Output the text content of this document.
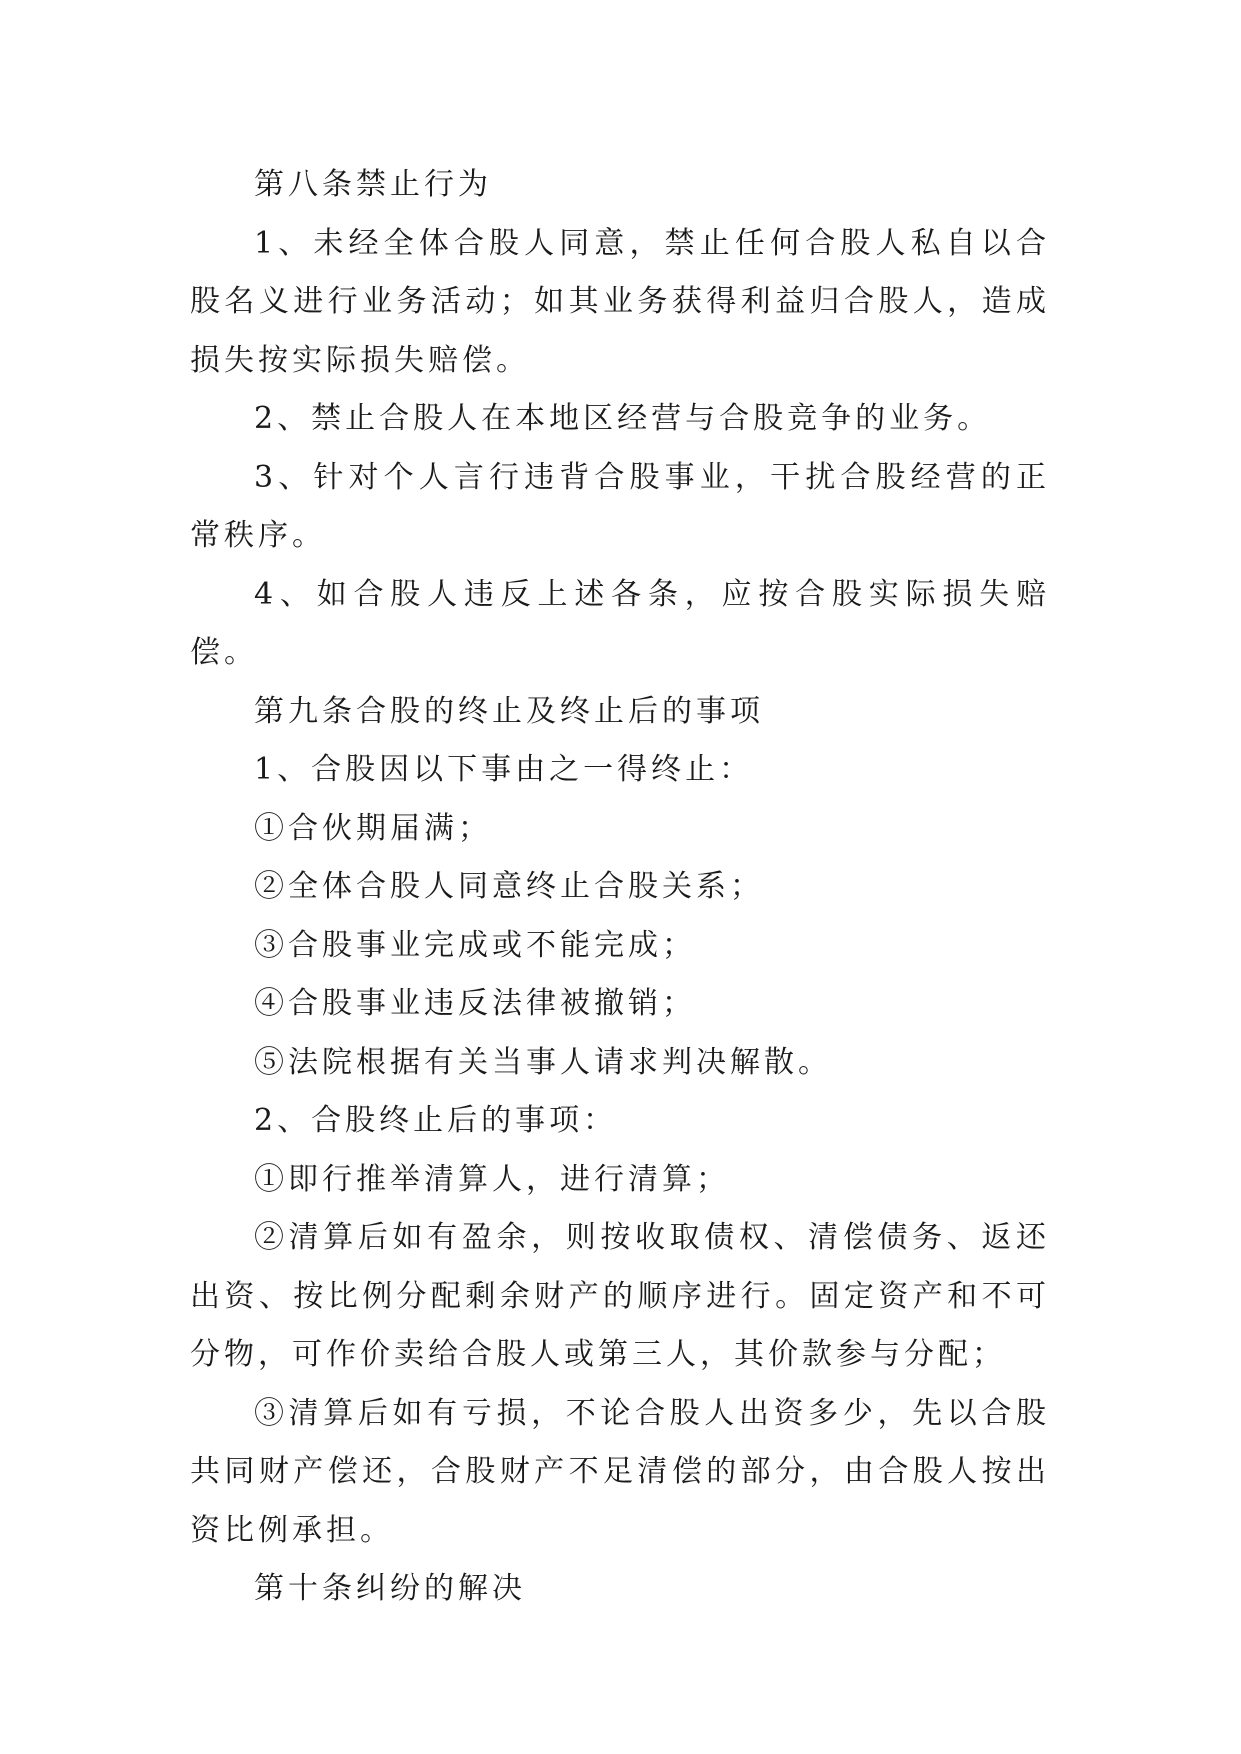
第八条禁止行为

1、未经全体合股人同意，禁止任何合股人私自以合股名义进行业务活动；如其业务获得利益归合股人，造成损失按实际损失赔偿。

2、禁止合股人在本地区经营与合股竞争的业务。

3、针对个人言行违背合股事业，干扰合股经营的正常秩序。

4、如合股人违反上述各条，应按合股实际损失赔偿。

第九条合股的终止及终止后的事项

1、合股因以下事由之一得终止：

①合伙期届满；

②全体合股人同意终止合股关系；

③合股事业完成或不能完成；

④合股事业违反法律被撤销；

⑤法院根据有关当事人请求判决解散。

2、合股终止后的事项：

①即行推举清算人，进行清算；

②清算后如有盈余，则按收取债权、清偿债务、返还出资、按比例分配剩余财产的顺序进行。固定资产和不可分物，可作价卖给合股人或第三人，其价款参与分配；

③清算后如有亏损，不论合股人出资多少，先以合股共同财产偿还，合股财产不足清偿的部分，由合股人按出资比例承担。

第十条纠纷的解决
